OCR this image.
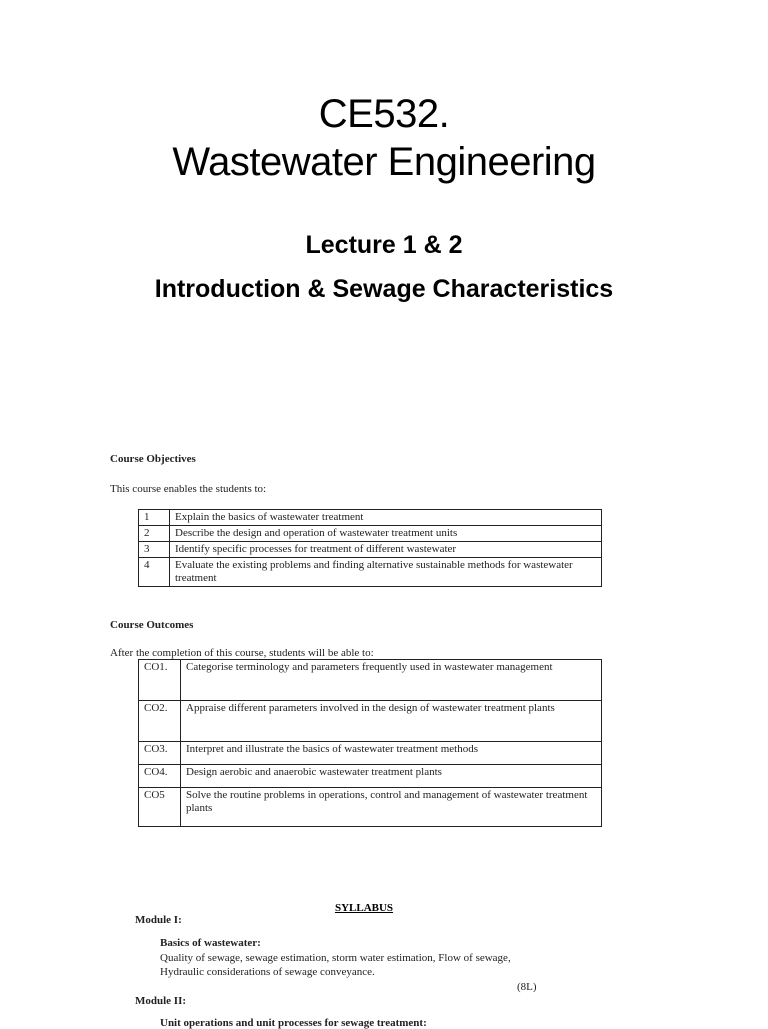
CE532.
Wastewater Engineering
Lecture 1 & 2
Introduction & Sewage Characteristics
Course Objectives
This course enables the students to:
1	Explain the basics of wastewater treatment
2	Describe the design and operation of wastewater treatment units
3	Identify specific processes for treatment of different wastewater
4	Evaluate the existing problems and finding alternative sustainable methods for wastewater treatment
Course Outcomes
After the completion of this course, students will be able to:
CO1.	Categorise terminology and parameters frequently used in wastewater management
CO2.	Appraise different parameters involved in the design of wastewater treatment plants
CO3.	Interpret and illustrate the basics of wastewater treatment methods
CO4.	Design aerobic and anaerobic wastewater treatment plants
CO5	Solve the routine problems in operations, control and management of wastewater treatment plants
SYLLABUS
Module I:
Basics of wastewater:
Quality of sewage, sewage estimation, storm water estimation, Flow of sewage,
Hydraulic considerations of sewage conveyance.
(8L)
Module II:
Unit operations and unit processes for sewage treatment:
